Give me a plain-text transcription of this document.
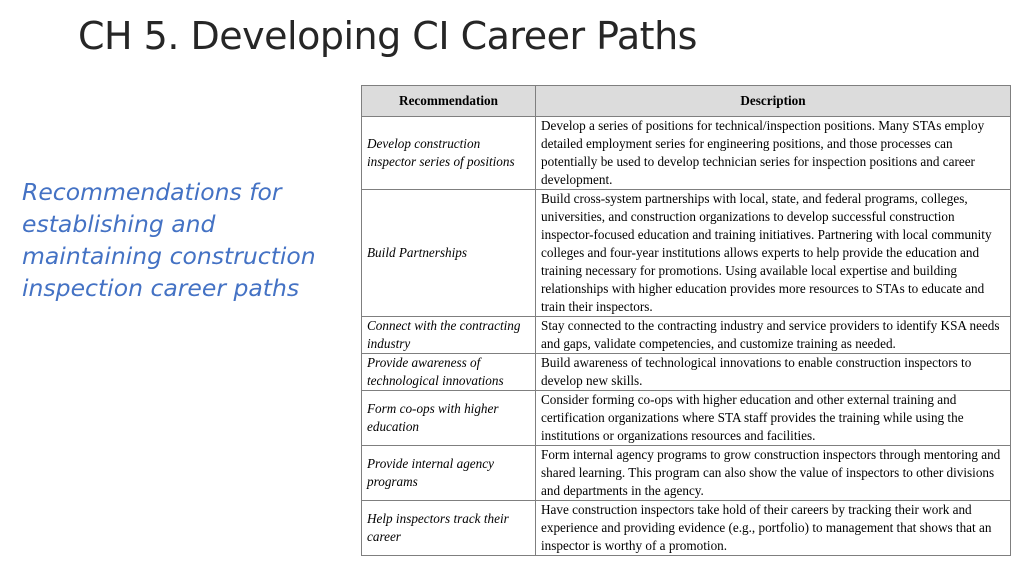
CH 5. Developing CI Career Paths

Recommendations for establishing and maintaining construction inspection career paths

Recommendation	Description
Develop construction inspector series of positions	Develop a series of positions for technical/inspection positions. Many STAs employ detailed employment series for engineering positions, and those processes can potentially be used to develop technician series for inspection positions and career development.
Build Partnerships	Build cross-system partnerships with local, state, and federal programs, colleges, universities, and construction organizations to develop successful construction inspector-focused education and training initiatives. Partnering with local community colleges and four-year institutions allows experts to help provide the education and training necessary for promotions. Using available local expertise and building relationships with higher education provides more resources to STAs to educate and train their inspectors.
Connect with the contracting industry	Stay connected to the contracting industry and service providers to identify KSA needs and gaps, validate competencies, and customize training as needed.
Provide awareness of technological innovations	Build awareness of technological innovations to enable construction inspectors to develop new skills.
Form co-ops with higher education	Consider forming co-ops with higher education and other external training and certification organizations where STA staff provides the training while using the institutions or organizations resources and facilities.
Provide internal agency programs	Form internal agency programs to grow construction inspectors through mentoring and shared learning. This program can also show the value of inspectors to other divisions and departments in the agency.
Help inspectors track their career	Have construction inspectors take hold of their careers by tracking their work and experience and providing evidence (e.g., portfolio) to management that shows that an inspector is worthy of a promotion.
